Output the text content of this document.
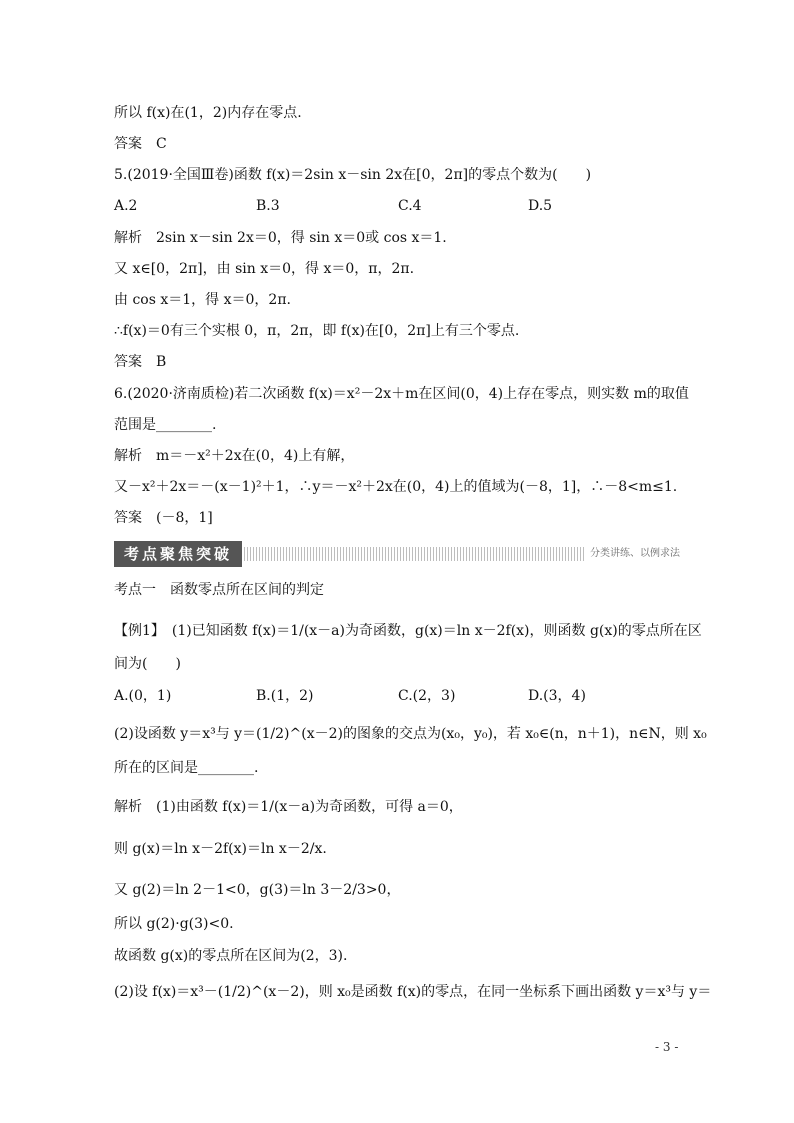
所以 f(x)在(1，2)内存在零点.
答案　C
5.(2019·全国Ⅲ卷)函数 f(x)＝2sin x－sin 2x在[0，2π]的零点个数为(　　)
A.2	B.3	C.4	D.5
解析　2sin x－sin 2x＝0，得 sin x＝0或 cos x＝1.
又 x∈[0，2π]，由 sin x＝0，得 x＝0，π，2π.
由 cos x＝1，得 x＝0，2π.
∴f(x)＝0有三个实根 0，π，2π，即 f(x)在[0，2π]上有三个零点.
答案　B
6.(2020·济南质检)若二次函数 f(x)＝x²－2x＋m在区间(0，4)上存在零点，则实数 m的取值
范围是________.
解析　m＝－x²＋2x在(0，4)上有解，
又－x²＋2x＝－(x－1)²＋1，∴y＝－x²＋2x在(0，4)上的值域为(－8，1]，∴－8<m≤1.
答案　(－8，1]
考点聚焦突破	分类讲练、以例求法
考点一　函数零点所在区间的判定
【例1】　(1)已知函数 f(x)＝1/(x－a)为奇函数，g(x)＝ln x－2f(x)，则函数 g(x)的零点所在区
间为(　　)
A.(0，1)	B.(1，2)	C.(2，3)	D.(3，4)
(2)设函数 y＝x³与 y＝(1/2)^(x－2)的图象的交点为(x₀，y₀)，若 x₀∈(n，n＋1)，n∈N，则 x₀
所在的区间是________.
解析　(1)由函数 f(x)＝1/(x－a)为奇函数，可得 a＝0，
则 g(x)＝ln x－2f(x)＝ln x－2/x.
又 g(2)＝ln 2－1<0，g(3)＝ln 3－2/3>0，
所以 g(2)·g(3)<0.
故函数 g(x)的零点所在区间为(2，3).
(2)设 f(x)＝x³－(1/2)^(x－2)，则 x₀是函数 f(x)的零点，在同一坐标系下画出函数 y＝x³与 y＝
- 3 -
